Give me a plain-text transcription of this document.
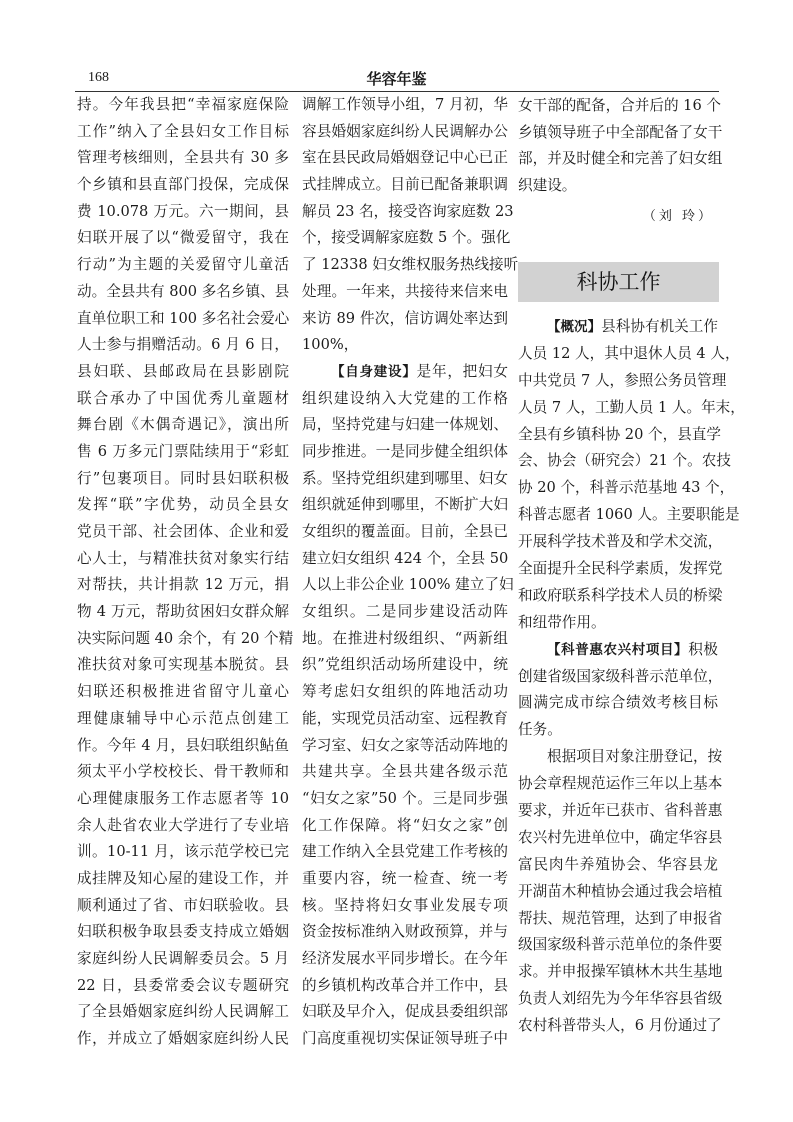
168	华容年鉴
持。今年我县把“幸福家庭保险
工作”纳入了全县妇女工作目标
管理考核细则，全县共有 30 多
个乡镇和县直部门投保，完成保
费 10.078 万元。六一期间，县
妇联开展了以“微爱留守，我在
行动”为主题的关爱留守儿童活
动。全县共有 800 多名乡镇、县
直单位职工和 100 多名社会爱心
人士参与捐赠活动。6 月 6 日，
县妇联、县邮政局在县影剧院
联合承办了中国优秀儿童题材
舞台剧《木偶奇遇记》，演出所
售 6 万多元门票陆续用于“彩虹
行”包裹项目。同时县妇联积极
发挥“联”字优势，动员全县女
党员干部、社会团体、企业和爱
心人士，与精准扶贫对象实行结
对帮扶，共计捐款 12 万元，捐
物 4 万元，帮助贫困妇女群众解
决实际问题 40 余个，有 20 个精
准扶贫对象可实现基本脱贫。县
妇联还积极推进省留守儿童心
理健康辅导中心示范点创建工
作。今年 4 月，县妇联组织鲇鱼
须太平小学校校长、骨干教师和
心理健康服务工作志愿者等 10
余人赴省农业大学进行了专业培
训。10-11 月，该示范学校已完
成挂牌及知心屋的建设工作，并
顺利通过了省、市妇联验收。县
妇联积极争取县委支持成立婚姻
家庭纠纷人民调解委员会。5 月
22 日，县委常委会议专题研究
了全县婚姻家庭纠纷人民调解工
作，并成立了婚姻家庭纠纷人民
调解工作领导小组，7 月初，华
容县婚姻家庭纠纷人民调解办公
室在县民政局婚姻登记中心已正
式挂牌成立。目前已配备兼职调
解员 23 名，接受咨询家庭数 23
个，接受调解家庭数 5 个。强化
了 12338 妇女维权服务热线接听
处理。一年来，共接待来信来电
来访 89 件次，信访调处率达到
100%，
【自身建设】是年，把妇女
组织建设纳入大党建的工作格
局，坚持党建与妇建一体规划、
同步推进。一是同步健全组织体
系。坚持党组织建到哪里、妇女
组织就延伸到哪里，不断扩大妇
女组织的覆盖面。目前，全县已
建立妇女组织 424 个，全县 50
人以上非公企业 100% 建立了妇
女组织。二是同步建设活动阵
地。在推进村级组织、“两新组
织”党组织活动场所建设中，统
筹考虑妇女组织的阵地活动功
能，实现党员活动室、远程教育
学习室、妇女之家等活动阵地的
共建共享。全县共建各级示范
“妇女之家”50 个。三是同步强
化工作保障。将“妇女之家”创
建工作纳入全县党建工作考核的
重要内容，统一检查、统一考
核。坚持将妇女事业发展专项
资金按标准纳入财政预算，并与
经济发展水平同步增长。在今年
的乡镇机构改革合并工作中，县
妇联及早介入，促成县委组织部
门高度重视切实保证领导班子中
女干部的配备，合并后的 16 个
乡镇领导班子中全部配备了女干
部，并及时健全和完善了妇女组
织建设。
（刘 玲）
科协工作
【概况】县科协有机关工作
人员 12 人，其中退休人员 4 人，
中共党员 7 人，参照公务员管理
人员 7 人，工勤人员 1 人。年末，
全县有乡镇科协 20 个，县直学
会、协会（研究会）21 个。农技
协 20 个，科普示范基地 43 个，
科普志愿者 1060 人。主要职能是
开展科学技术普及和学术交流，
全面提升全民科学素质，发挥党
和政府联系科学技术人员的桥梁
和纽带作用。
【科普惠农兴村项目】积极
创建省级国家级科普示范单位，
圆满完成市综合绩效考核目标
任务。
根据项目对象注册登记，按
协会章程规范运作三年以上基本
要求，并近年已获市、省科普惠
农兴村先进单位中，确定华容县
富民肉牛养殖协会、华容县龙
开湖苗木种植协会通过我会培植
帮扶、规范管理，达到了申报省
级国家级科普示范单位的条件要
求。并申报操军镇林木共生基地
负责人刘绍先为今年华容县省级
农村科普带头人，6 月份通过了
